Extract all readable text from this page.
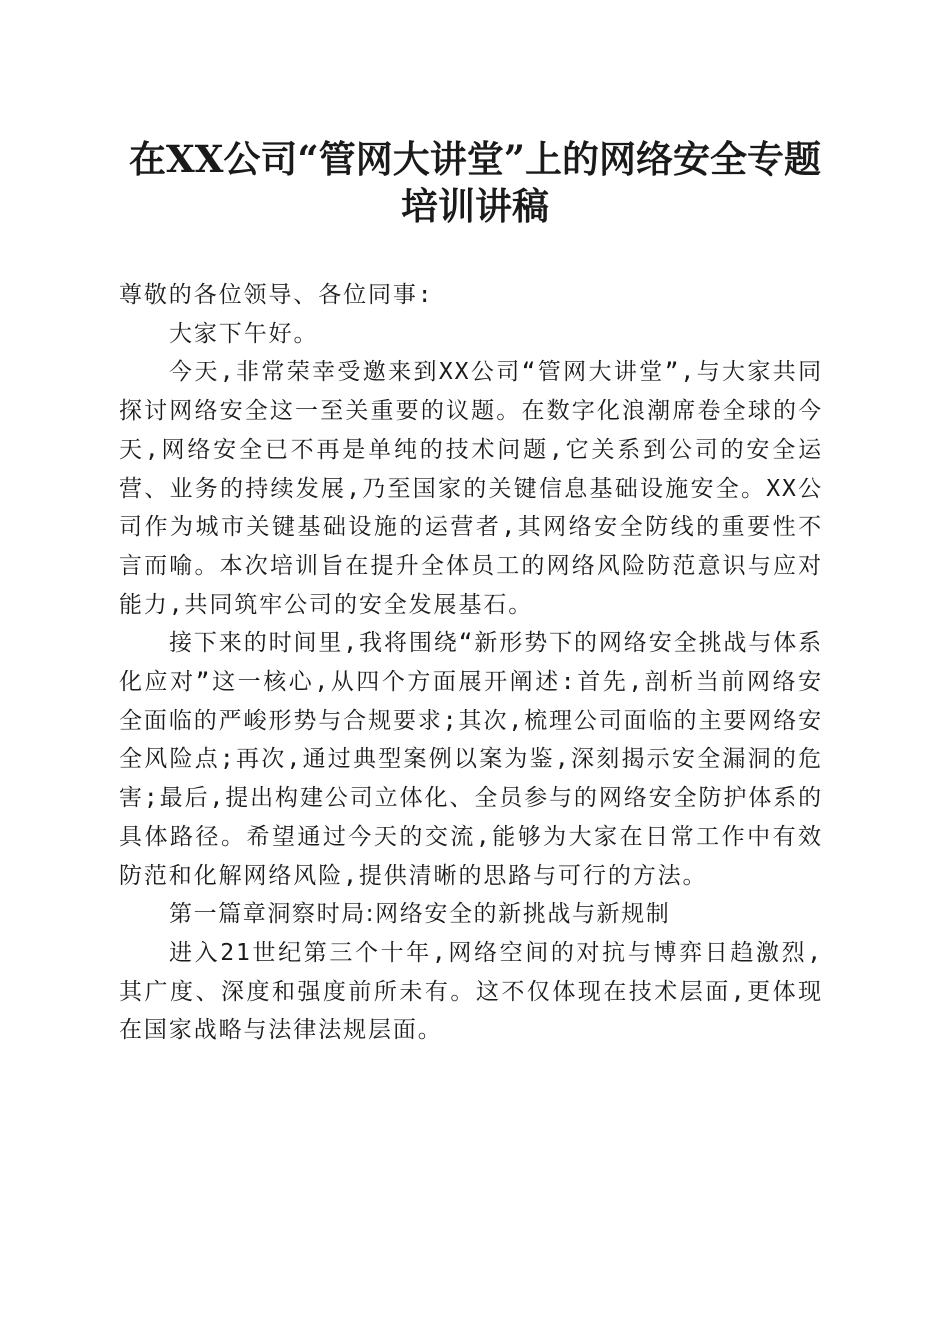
在XX公司“管网大讲堂”上的网络安全专题
培训讲稿

尊敬的各位领导、各位同事:

大家下午好。

今天,非常荣幸受邀来到XX公司“管网大讲堂”,与大家共同探讨网络安全这一至关重要的议题。在数字化浪潮席卷全球的今天,网络安全已不再是单纯的技术问题,它关系到公司的安全运营、业务的持续发展,乃至国家的关键信息基础设施安全。XX公司作为城市关键基础设施的运营者,其网络安全防线的重要性不言而喻。本次培训旨在提升全体员工的网络风险防范意识与应对能力,共同筑牢公司的安全发展基石。

接下来的时间里,我将围绕“新形势下的网络安全挑战与体系化应对”这一核心,从四个方面展开阐述:首先,剖析当前网络安全面临的严峻形势与合规要求;其次,梳理公司面临的主要网络安全风险点;再次,通过典型案例以案为鉴,深刻揭示安全漏洞的危害;最后,提出构建公司立体化、全员参与的网络安全防护体系的具体路径。希望通过今天的交流,能够为大家在日常工作中有效防范和化解网络风险,提供清晰的思路与可行的方法。

第一篇章洞察时局:网络安全的新挑战与新规制

进入21世纪第三个十年,网络空间的对抗与博弈日趋激烈,其广度、深度和强度前所未有。这不仅体现在技术层面,更体现在国家战略与法律法规层面。
